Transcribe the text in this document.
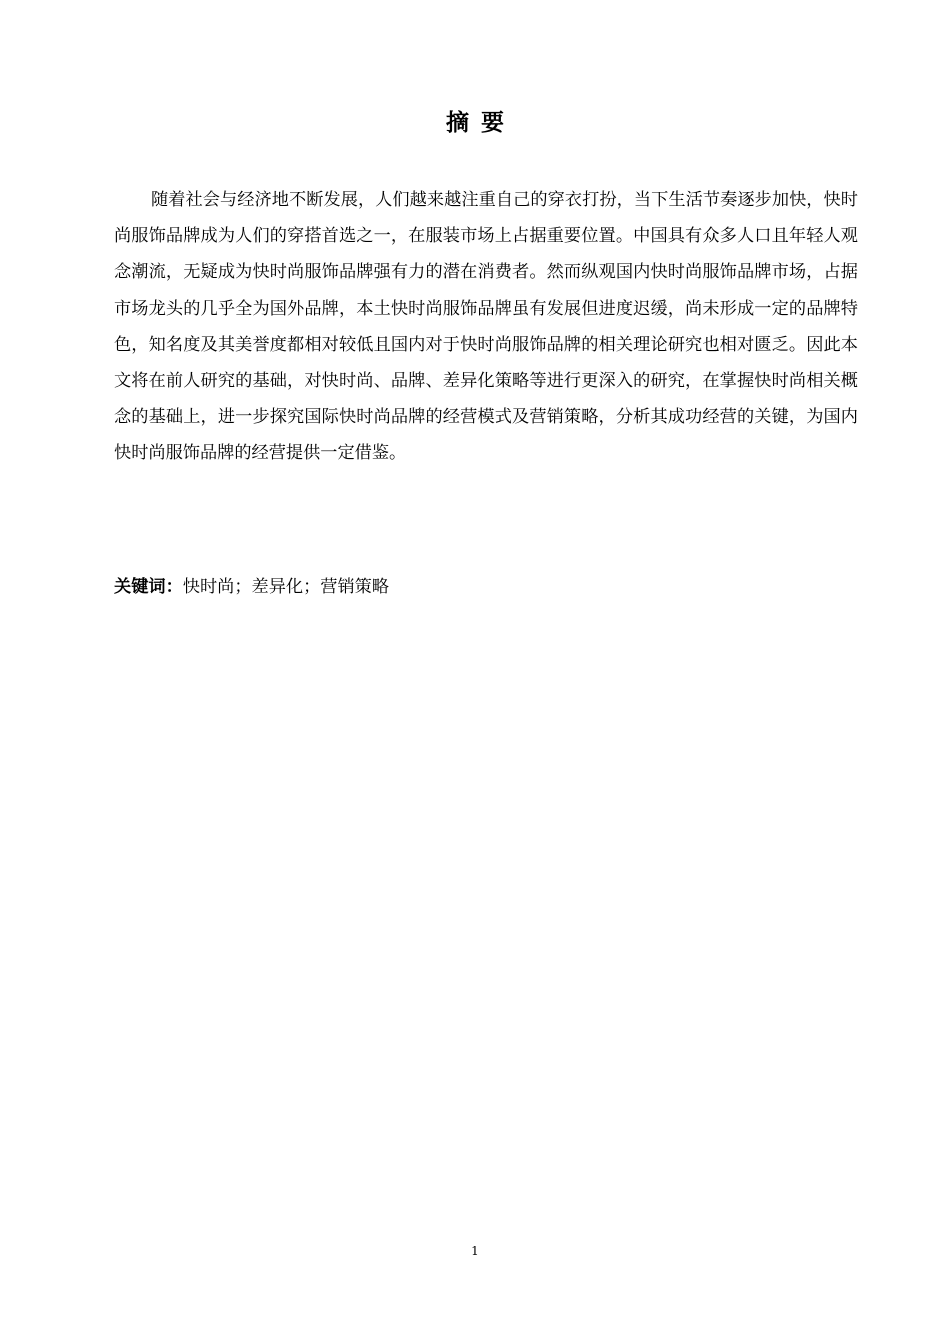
摘要

随着社会与经济地不断发展，人们越来越注重自己的穿衣打扮，当下生活节奏逐步加快，快时尚服饰品牌成为人们的穿搭首选之一，在服装市场上占据重要位置。中国具有众多人口且年轻人观念潮流，无疑成为快时尚服饰品牌强有力的潜在消费者。然而纵观国内快时尚服饰品牌市场，占据市场龙头的几乎全为国外品牌，本土快时尚服饰品牌虽有发展但进度迟缓，尚未形成一定的品牌特色，知名度及其美誉度都相对较低且国内对于快时尚服饰品牌的相关理论研究也相对匮乏。因此本文将在前人研究的基础，对快时尚、品牌、差异化策略等进行更深入的研究，在掌握快时尚相关概念的基础上，进一步探究国际快时尚品牌的经营模式及营销策略，分析其成功经营的关键，为国内快时尚服饰品牌的经营提供一定借鉴。

关键词：快时尚；差异化；营销策略

1
